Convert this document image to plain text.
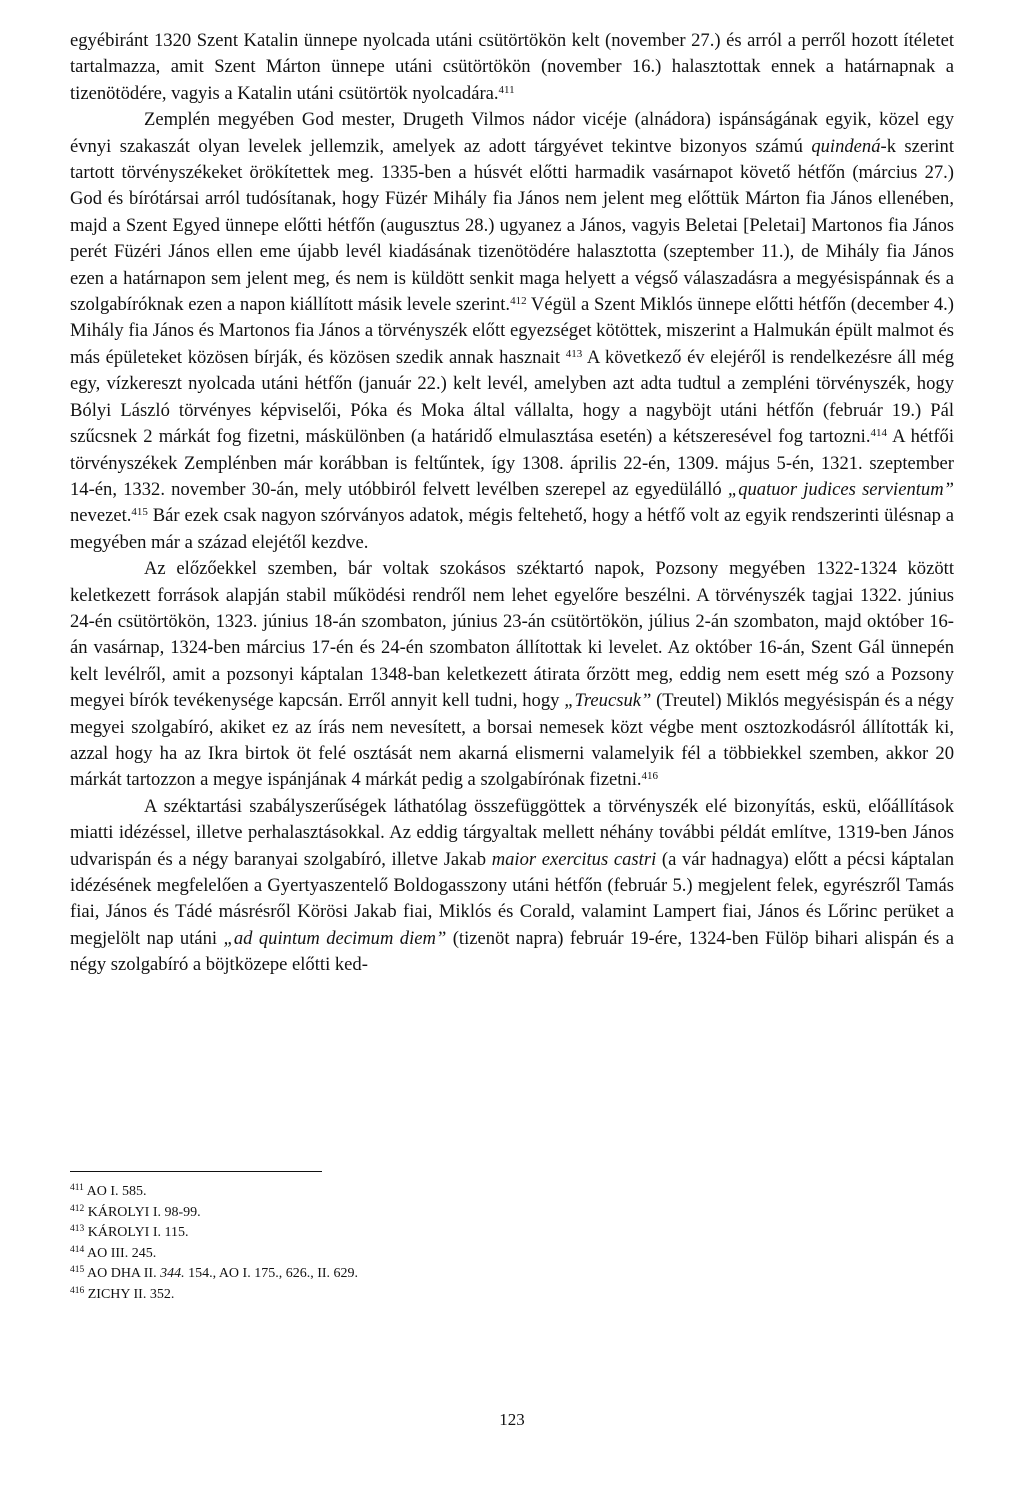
egyébiránt 1320 Szent Katalin ünnepe nyolcada utáni csütörtökön kelt (november 27.) és arról a perről hozott ítéletet tartalmazza, amit Szent Márton ünnepe utáni csütörtökön (november 16.) halasztottak ennek a határnapnak a tizenötödére, vagyis a Katalin utáni csütörtök nyolcadára.$^{411}$

Zemplén megyében God mester, Drugeth Vilmos nádor vicéje (alnádora) ispánságának egyik, közel egy évnyi szakaszát olyan levelek jellemzik, amelyek az adott tárgyévet tekintve bizonyos számú quindená-k szerint tartott törvényszékeket örökítettek meg. 1335-ben a húsvét előtti harmadik vasárnapot követő hétfőn (március 27.) God és bírótársai arról tudósítanak, hogy Füzér Mihály fia János nem jelent meg előttük Márton fia János ellenében, majd a Szent Egyed ünnepe előtti hétfőn (augusztus 28.) ugyanez a János, vagyis Beletai [Peletai] Martonos fia János perét Füzéri János ellen eme újabb levél kiadásának tizenötödére halasztotta (szeptember 11.), de Mihály fia János ezen a határnapon sem jelent meg, és nem is küldött senkit maga helyett a végső válaszadásra a megyésispánnak és a szolgabíróknak ezen a napon kiállított másik levele szerint.$^{412}$ Végül a Szent Miklós ünnepe előtti hétfőn (december 4.) Mihály fia János és Martonos fia János a törvényszék előtt egyezséget kötöttek, miszerint a Halmukán épült malmot és más épületeket közösen bírják, és közösen szedik annak hasznait $^{413}$ A következő év elejéről is rendelkezésre áll még egy, vízkereszt nyolcada utáni hétfőn (január 22.) kelt levél, amelyben azt adta tudtul a zempléni törvényszék, hogy Bólyi László törvényes képviselői, Póka és Moka által vállalta, hogy a nagyböjt utáni hétfőn (február 19.) Pál szűcsnek 2 márkát fog fizetni, máskülönben (a határidő elmulasztása esetén) a kétszeresével fog tartozni.$^{414}$ A hétfői törvényszékek Zemplénben már korábban is feltűntek, így 1308. április 22-én, 1309. május 5-én, 1321. szeptember 14-én, 1332. november 30-án, mely utóbbiról felvett levélben szerepel az egyedülálló „quatuor judices servientum” nevezet.$^{415}$ Bár ezek csak nagyon szórványos adatok, mégis feltehető, hogy a hétfő volt az egyik rendszerinti ülésnap a megyében már a század elejétől kezdve.

Az előzőekkel szemben, bár voltak szokásos széktartó napok, Pozsony megyében 1322-1324 között keletkezett források alapján stabil működési rendről nem lehet egyelőre beszélni. A törvényszék tagjai 1322. június 24-én csütörtökön, 1323. június 18-án szombaton, június 23-án csütörtökön, július 2-án szombaton, majd október 16-án vasárnap, 1324-ben március 17-én és 24-én szombaton állítottak ki levelet. Az október 16-án, Szent Gál ünnepén kelt levélről, amit a pozsonyi káptalan 1348-ban keletkezett átirata őrzött meg, eddig nem esett még szó a Pozsony megyei bírók tevékenysége kapcsán. Erről annyit kell tudni, hogy „Treucsuk” (Treutel) Miklós megyésispán és a négy megyei szolgabíró, akiket ez az írás nem nevesített, a borsai nemesek közt végbe ment osztozkodásról állították ki, azzal hogy ha az Ikra birtok öt felé osztását nem akarná elismerni valamelyik fél a többiekkel szemben, akkor 20 márkát tartozzon a megye ispánjának 4 márkát pedig a szolgabírónak fizetni.$^{416}$

A széktartási szabályszerűségek láthatólag összefüggöttek a törvényszék elé bizonyítás, eskü, előállítások miatti idézéssel, illetve perhalasztásokkal. Az eddig tárgyaltak mellett néhány további példát említve, 1319-ben János udvarispán és a négy baranyai szolgabíró, illetve Jakab maior exercitus castri (a vár hadnagya) előtt a pécsi káptalan idézésének megfelelően a Gyertyaszentelő Boldogasszony utáni hétfőn (február 5.) megjelent felek, egyrészről Tamás fiai, János és Tádé másrésről Körösi Jakab fiai, Miklós és Corald, valamint Lampert fiai, János és Lőrinc perüket a megjelölt nap utáni „ad quintum decimum diem” (tizenöt napra) február 19-ére, 1324-ben Fülöp bihari alispán és a négy szolgabíró a böjtközepe előtti ked-

$^{411}$ AO I. 585.
$^{412}$ KÁROLYI I. 98-99.
$^{413}$ KÁROLYI I. 115.
$^{414}$ AO III. 245.
$^{415}$ AO DHA II. 344. 154., AO I. 175., 626., II. 629.
$^{416}$ ZICHY II. 352.
123
